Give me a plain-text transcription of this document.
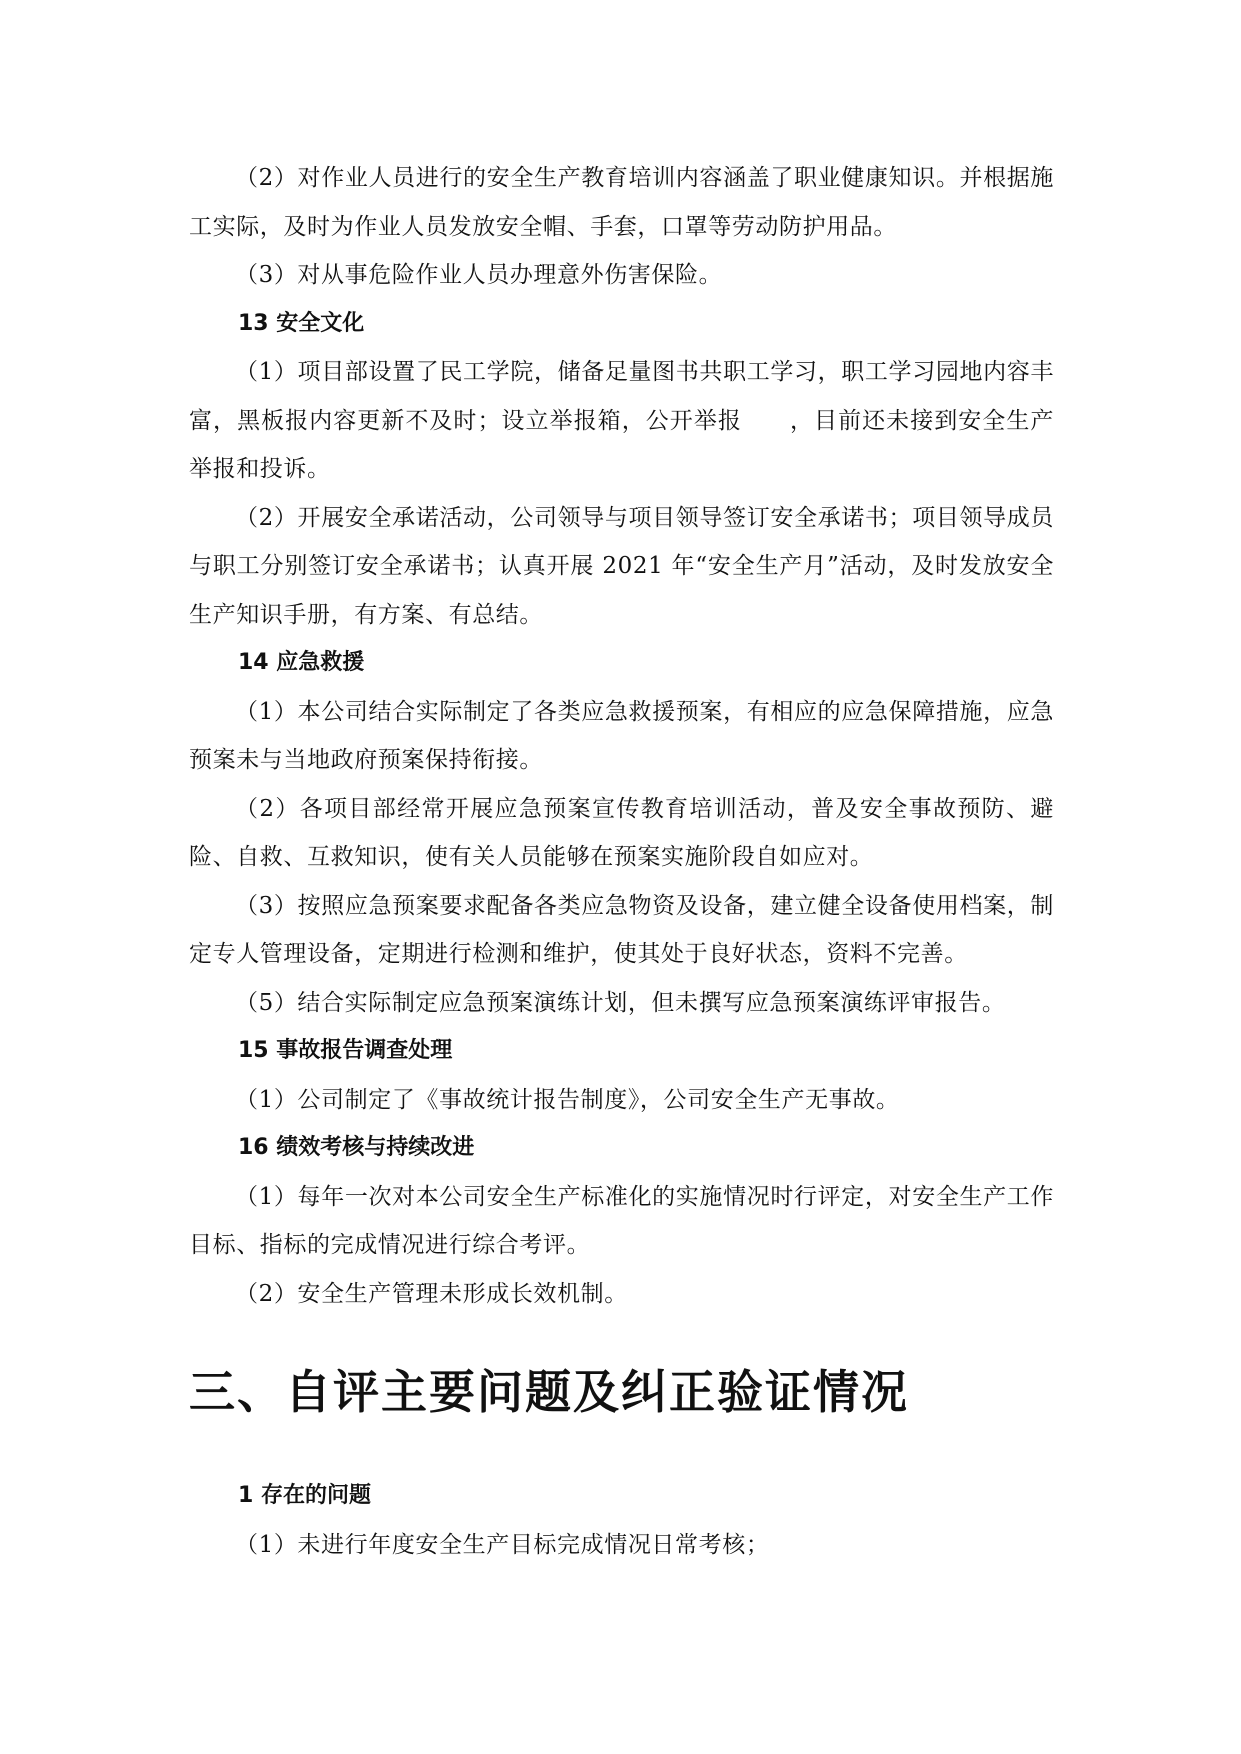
（2）对作业人员进行的安全生产教育培训内容涵盖了职业健康知识。并根据施工实际，及时为作业人员发放安全帽、手套，口罩等劳动防护用品。

（3）对从事危险作业人员办理意外伤害保险。

13 安全文化

（1）项目部设置了民工学院，储备足量图书共职工学习，职工学习园地内容丰富，黑板报内容更新不及时；设立举报箱，公开举报　　，目前还未接到安全生产举报和投诉。

（2）开展安全承诺活动，公司领导与项目领导签订安全承诺书；项目领导成员与职工分别签订安全承诺书；认真开展 2021 年“安全生产月”活动，及时发放安全生产知识手册，有方案、有总结。

14 应急救援

（1）本公司结合实际制定了各类应急救援预案，有相应的应急保障措施，应急预案未与当地政府预案保持衔接。

（2）各项目部经常开展应急预案宣传教育培训活动，普及安全事故预防、避险、自救、互救知识，使有关人员能够在预案实施阶段自如应对。

（3）按照应急预案要求配备各类应急物资及设备，建立健全设备使用档案，制定专人管理设备，定期进行检测和维护，使其处于良好状态，资料不完善。

（5）结合实际制定应急预案演练计划，但未撰写应急预案演练评审报告。

15 事故报告调查处理

（1）公司制定了《事故统计报告制度》，公司安全生产无事故。

16 绩效考核与持续改进

（1）每年一次对本公司安全生产标准化的实施情况时行评定，对安全生产工作目标、指标的完成情况进行综合考评。

（2）安全生产管理未形成长效机制。

三、自评主要问题及纠正验证情况
1 存在的问题

（1）未进行年度安全生产目标完成情况日常考核；
